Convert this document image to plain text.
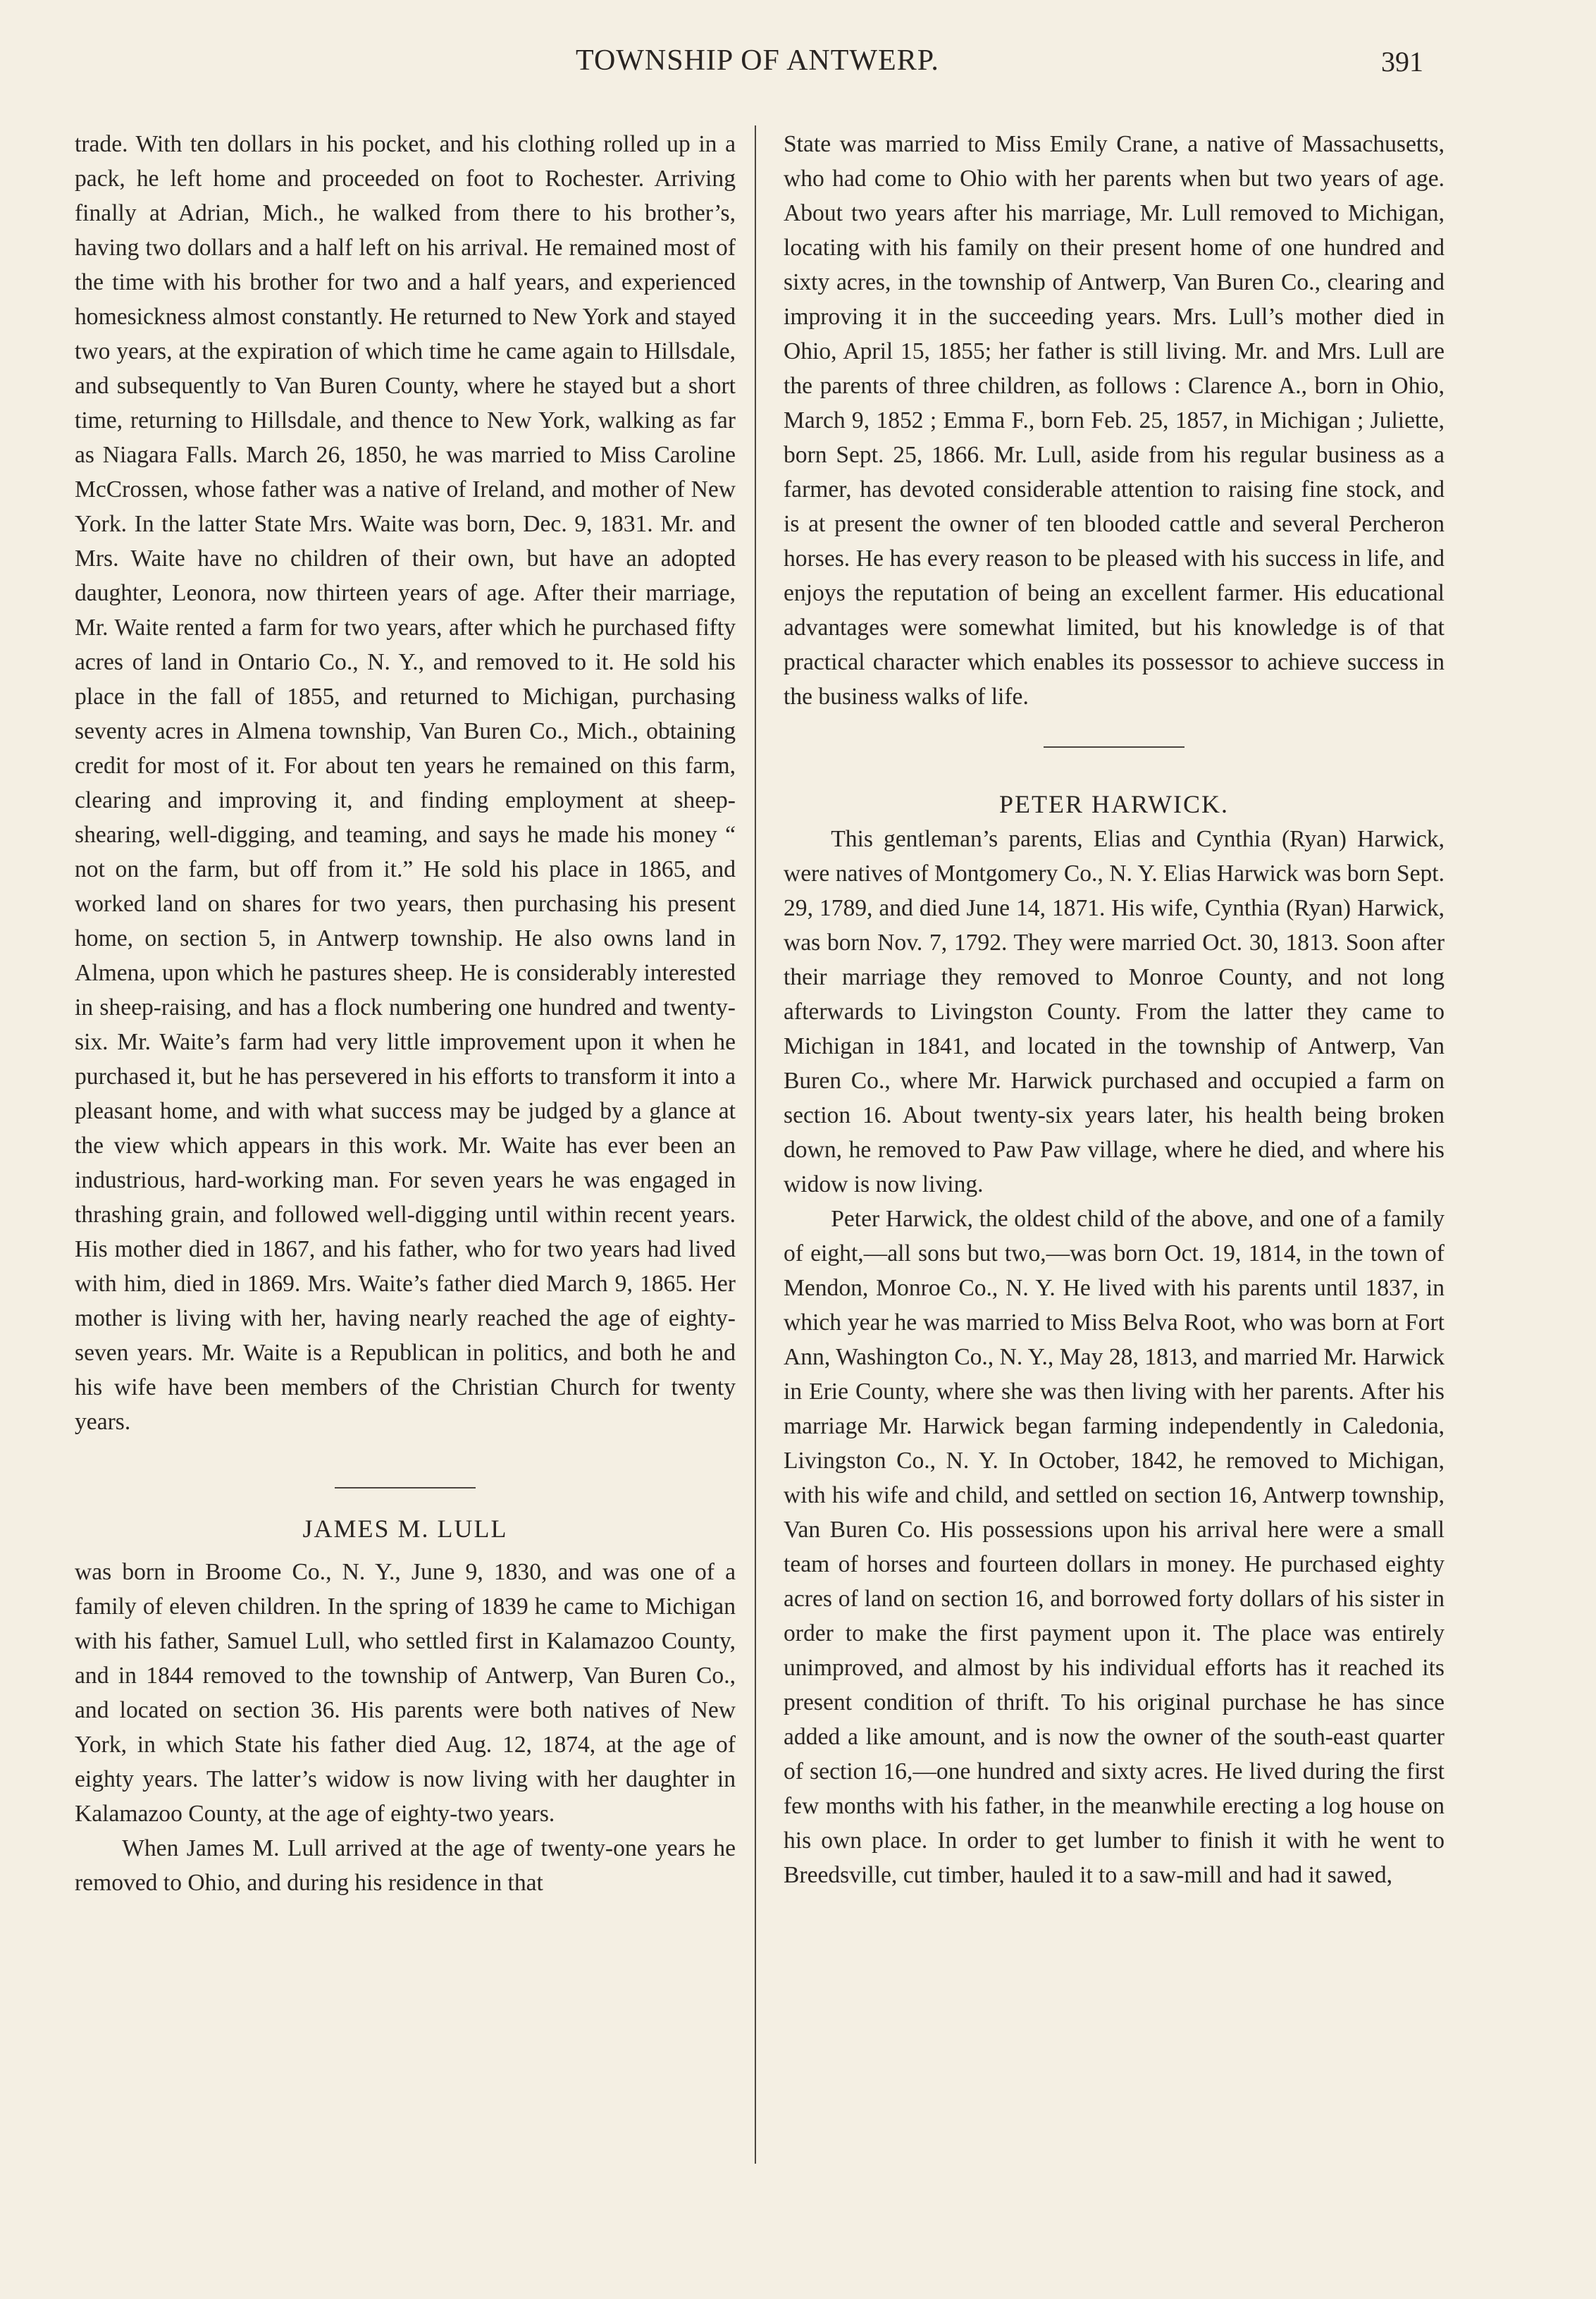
TOWNSHIP OF ANTWERP.	391

trade. With ten dollars in his pocket, and his clothing rolled up in a pack, he left home and proceeded on foot to Rochester. Arriving finally at Adrian, Mich., he walked from there to his brother’s, having two dollars and a half left on his arrival. He remained most of the time with his brother for two and a half years, and experienced homesickness almost constantly. He returned to New York and stayed two years, at the expiration of which time he came again to Hillsdale, and subsequently to Van Buren County, where he stayed but a short time, returning to Hillsdale, and thence to New York, walking as far as Niagara Falls. March 26, 1850, he was married to Miss Caroline McCrossen, whose father was a native of Ireland, and mother of New York. In the latter State Mrs. Waite was born, Dec. 9, 1831. Mr. and Mrs. Waite have no children of their own, but have an adopted daughter, Leonora, now thirteen years of age. After their marriage, Mr. Waite rented a farm for two years, after which he purchased fifty acres of land in Ontario Co., N. Y., and removed to it. He sold his place in the fall of 1855, and returned to Michigan, purchasing seventy acres in Almena township, Van Buren Co., Mich., obtaining credit for most of it. For about ten years he remained on this farm, clearing and improving it, and finding employment at sheep-shearing, well-digging, and teaming, and says he made his money “ not on the farm, but off from it.” He sold his place in 1865, and worked land on shares for two years, then purchasing his present home, on section 5, in Antwerp township. He also owns land in Almena, upon which he pastures sheep. He is considerably interested in sheep-raising, and has a flock numbering one hundred and twenty-six. Mr. Waite’s farm had very little improvement upon it when he purchased it, but he has persevered in his efforts to transform it into a pleasant home, and with what success may be judged by a glance at the view which appears in this work. Mr. Waite has ever been an industrious, hard-working man. For seven years he was engaged in thrashing grain, and followed well-digging until within recent years. His mother died in 1867, and his father, who for two years had lived with him, died in 1869. Mrs. Waite’s father died March 9, 1865. Her mother is living with her, having nearly reached the age of eighty-seven years. Mr. Waite is a Republican in politics, and both he and his wife have been members of the Christian Church for twenty years.

JAMES M. LULL

was born in Broome Co., N. Y., June 9, 1830, and was one of a family of eleven children. In the spring of 1839 he came to Michigan with his father, Samuel Lull, who settled first in Kalamazoo County, and in 1844 removed to the township of Antwerp, Van Buren Co., and located on section 36. His parents were both natives of New York, in which State his father died Aug. 12, 1874, at the age of eighty years. The latter’s widow is now living with her daughter in Kalamazoo County, at the age of eighty-two years.

When James M. Lull arrived at the age of twenty-one years he removed to Ohio, and during his residence in that

State was married to Miss Emily Crane, a native of Massachusetts, who had come to Ohio with her parents when but two years of age. About two years after his marriage, Mr. Lull removed to Michigan, locating with his family on their present home of one hundred and sixty acres, in the township of Antwerp, Van Buren Co., clearing and improving it in the succeeding years. Mrs. Lull’s mother died in Ohio, April 15, 1855; her father is still living. Mr. and Mrs. Lull are the parents of three children, as follows : Clarence A., born in Ohio, March 9, 1852 ; Emma F., born Feb. 25, 1857, in Michigan ; Juliette, born Sept. 25, 1866. Mr. Lull, aside from his regular business as a farmer, has devoted considerable attention to raising fine stock, and is at present the owner of ten blooded cattle and several Percheron horses. He has every reason to be pleased with his success in life, and enjoys the reputation of being an excellent farmer. His educational advantages were somewhat limited, but his knowledge is of that practical character which enables its possessor to achieve success in the business walks of life.

PETER HARWICK.

This gentleman’s parents, Elias and Cynthia (Ryan) Harwick, were natives of Montgomery Co., N. Y. Elias Harwick was born Sept. 29, 1789, and died June 14, 1871. His wife, Cynthia (Ryan) Harwick, was born Nov. 7, 1792. They were married Oct. 30, 1813. Soon after their marriage they removed to Monroe County, and not long afterwards to Livingston County. From the latter they came to Michigan in 1841, and located in the township of Antwerp, Van Buren Co., where Mr. Harwick purchased and occupied a farm on section 16. About twenty-six years later, his health being broken down, he removed to Paw Paw village, where he died, and where his widow is now living.

Peter Harwick, the oldest child of the above, and one of a family of eight,—all sons but two,—was born Oct. 19, 1814, in the town of Mendon, Monroe Co., N. Y. He lived with his parents until 1837, in which year he was married to Miss Belva Root, who was born at Fort Ann, Washington Co., N. Y., May 28, 1813, and married Mr. Harwick in Erie County, where she was then living with her parents. After his marriage Mr. Harwick began farming independently in Caledonia, Livingston Co., N. Y. In October, 1842, he removed to Michigan, with his wife and child, and settled on section 16, Antwerp township, Van Buren Co. His possessions upon his arrival here were a small team of horses and fourteen dollars in money. He purchased eighty acres of land on section 16, and borrowed forty dollars of his sister in order to make the first payment upon it. The place was entirely unimproved, and almost by his individual efforts has it reached its present condition of thrift. To his original purchase he has since added a like amount, and is now the owner of the south-east quarter of section 16,—one hundred and sixty acres. He lived during the first few months with his father, in the meanwhile erecting a log house on his own place. In order to get lumber to finish it with he went to Breedsville, cut timber, hauled it to a saw-mill and had it sawed,
